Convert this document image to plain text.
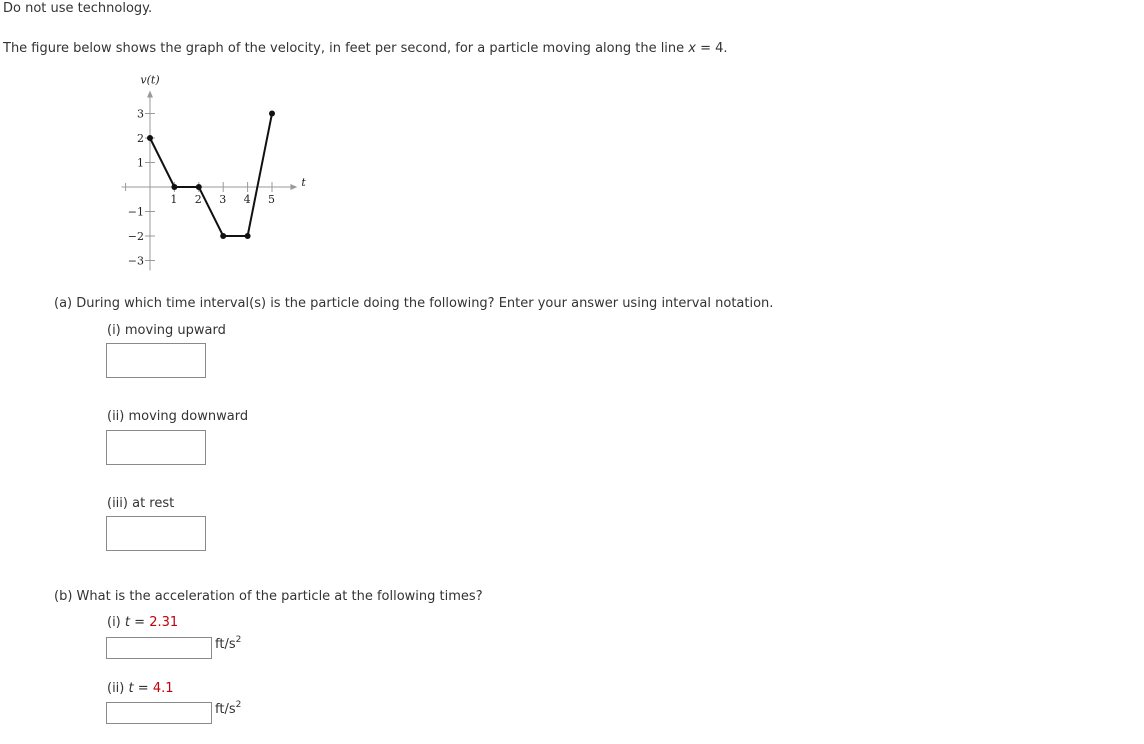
Do not use technology.
The figure below shows the graph of the velocity, in feet per second, for a particle moving along the line x = 4.
1 2 3 4 5
3
2
1
−1
−2
−3
v(t)
t
(a) During which time interval(s) is the particle doing the following? Enter your answer using interval notation.
(i) moving upward
(ii) moving downward
(iii) at rest
(b) What is the acceleration of the particle at the following times?
(i) t = 2.31
$ft/s^2$
(ii) t = 4.1
$ft/s^2$
